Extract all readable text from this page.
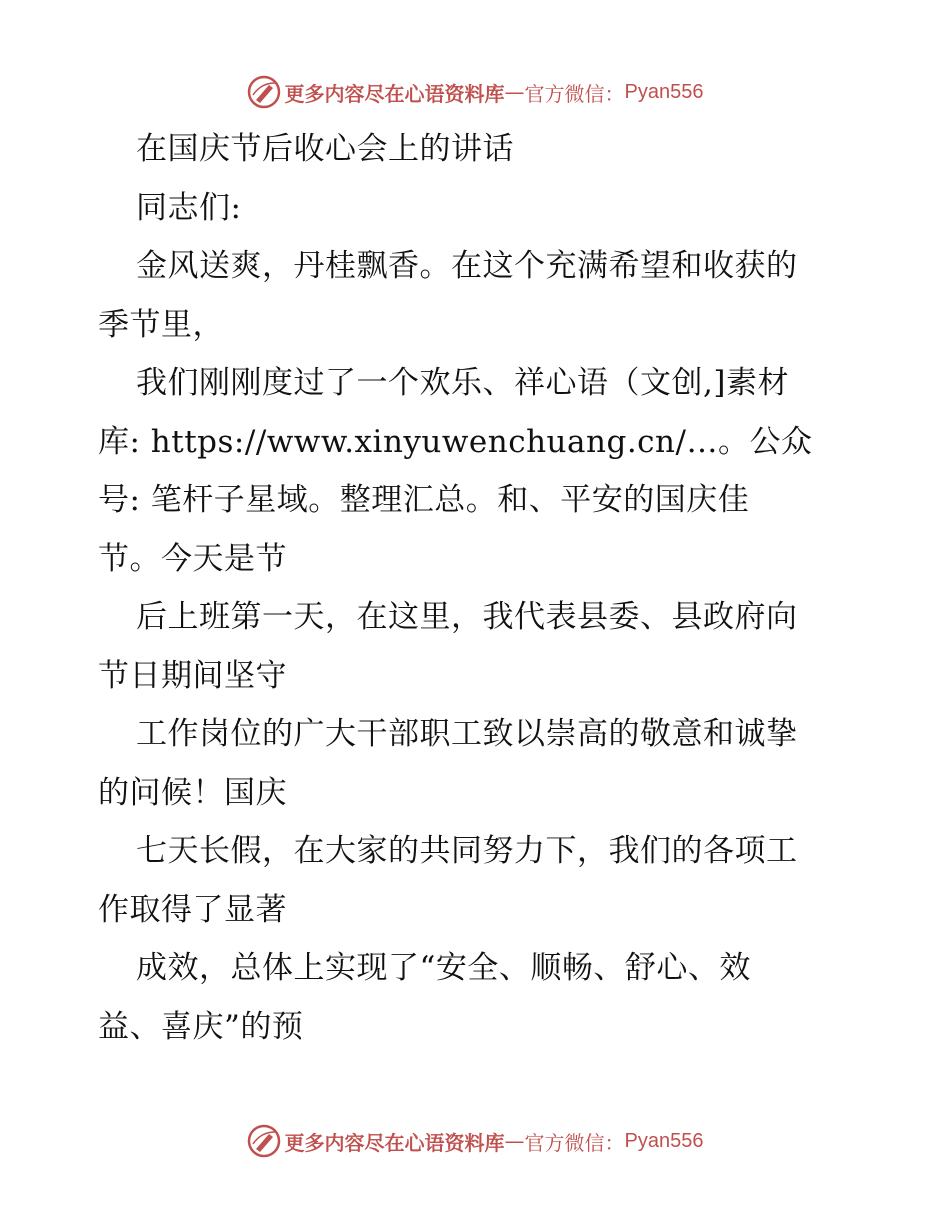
更多内容尽在心语资料库 — 官方微信： Pyan556
在国庆节后收心会上的讲话
同志们:
金风送爽，丹桂飘香。在这个充满希望和收获的
季节里，
我们刚刚度过了一个欢乐、祥心语（文创,]素材
库: https://www.xinyuwenchuang.cn/…。公众
号: 笔杆子星域。整理汇总。和、平安的国庆佳
节。今天是节
后上班第一天，在这里，我代表县委、县政府向
节日期间坚守
工作岗位的广大干部职工致以崇高的敬意和诚挚
的问候！国庆
七天长假，在大家的共同努力下，我们的各项工
作取得了显著
成效，总体上实现了“安全、顺畅、舒心、效
益、喜庆”的预
更多内容尽在心语资料库 — 官方微信： Pyan556
